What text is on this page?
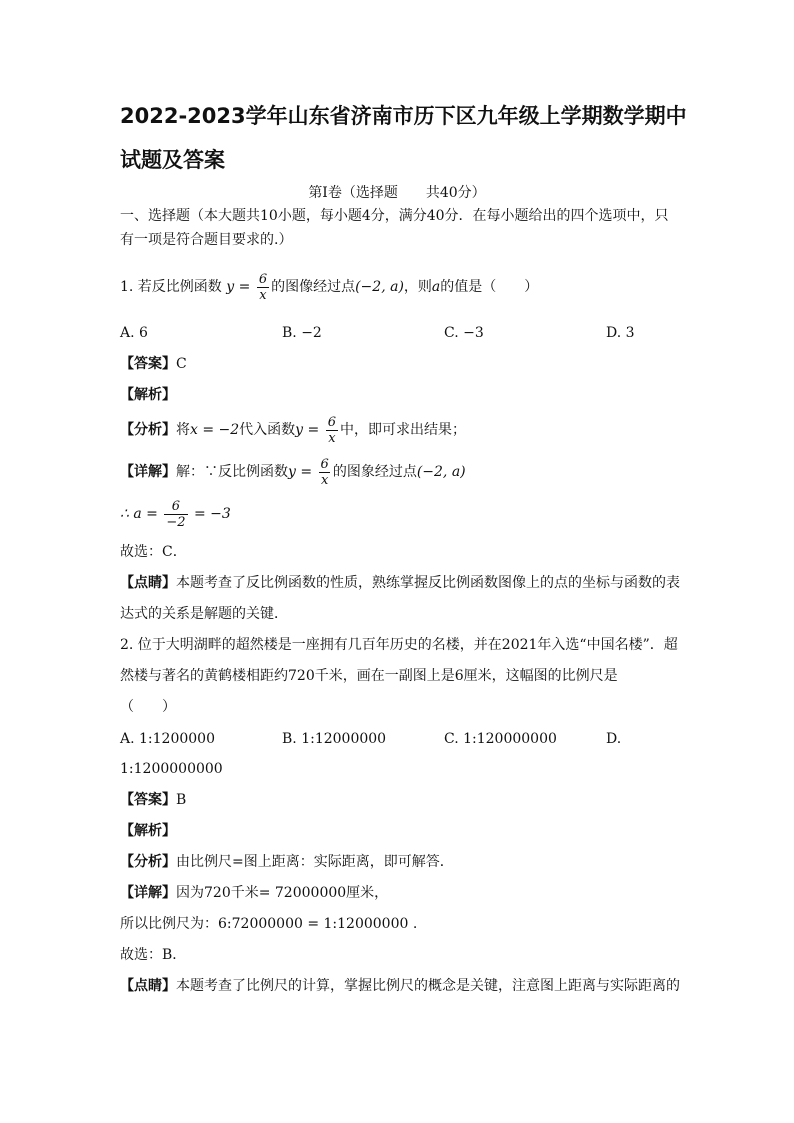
2022-2023学年山东省济南市历下区九年级上学期数学期中
试题及答案
第Ⅰ卷（选择题　　共40分）
一、选择题（本大题共10小题，每小题4分，满分40分．在每小题给出的四个选项中，只
有一项是符合题目要求的.）
1. 若反比例函数 $y = \frac{6}{x}$ 的图像经过点(−2, a)，则a的值是（　　）
A. 6	B. −2	C. −3	D. 3
【答案】C
【解析】
【分析】将x = −2代入函数$y = \frac{6}{x}$ 中，即可求出结果；
【详解】解：∵反比例函数$y = \frac{6}{x}$ 的图象经过点(−2, a)
∴ $a = \frac{6}{-2} = -3$
故选：C．
【点睛】本题考查了反比例函数的性质，熟练掌握反比例函数图像上的点的坐标与函数的表
达式的关系是解题的关键．
2. 位于大明湖畔的超然楼是一座拥有几百年历史的名楼，并在2021年入选“中国名楼”．超
然楼与著名的黄鹤楼相距约720千米，画在一副图上是6厘米，这幅图的比例尺是
（　　）
A. 1:1200000	B. 1:12000000	C. 1:120000000	D.
1:1200000000
【答案】B
【解析】
【分析】由比例尺=图上距离：实际距离，即可解答．
【详解】因为720千米= 72000000厘米，
所以比例尺为：6:72000000 = 1:12000000 .
故选：B．
【点睛】本题考查了比例尺的计算，掌握比例尺的概念是关键，注意图上距离与实际距离的
